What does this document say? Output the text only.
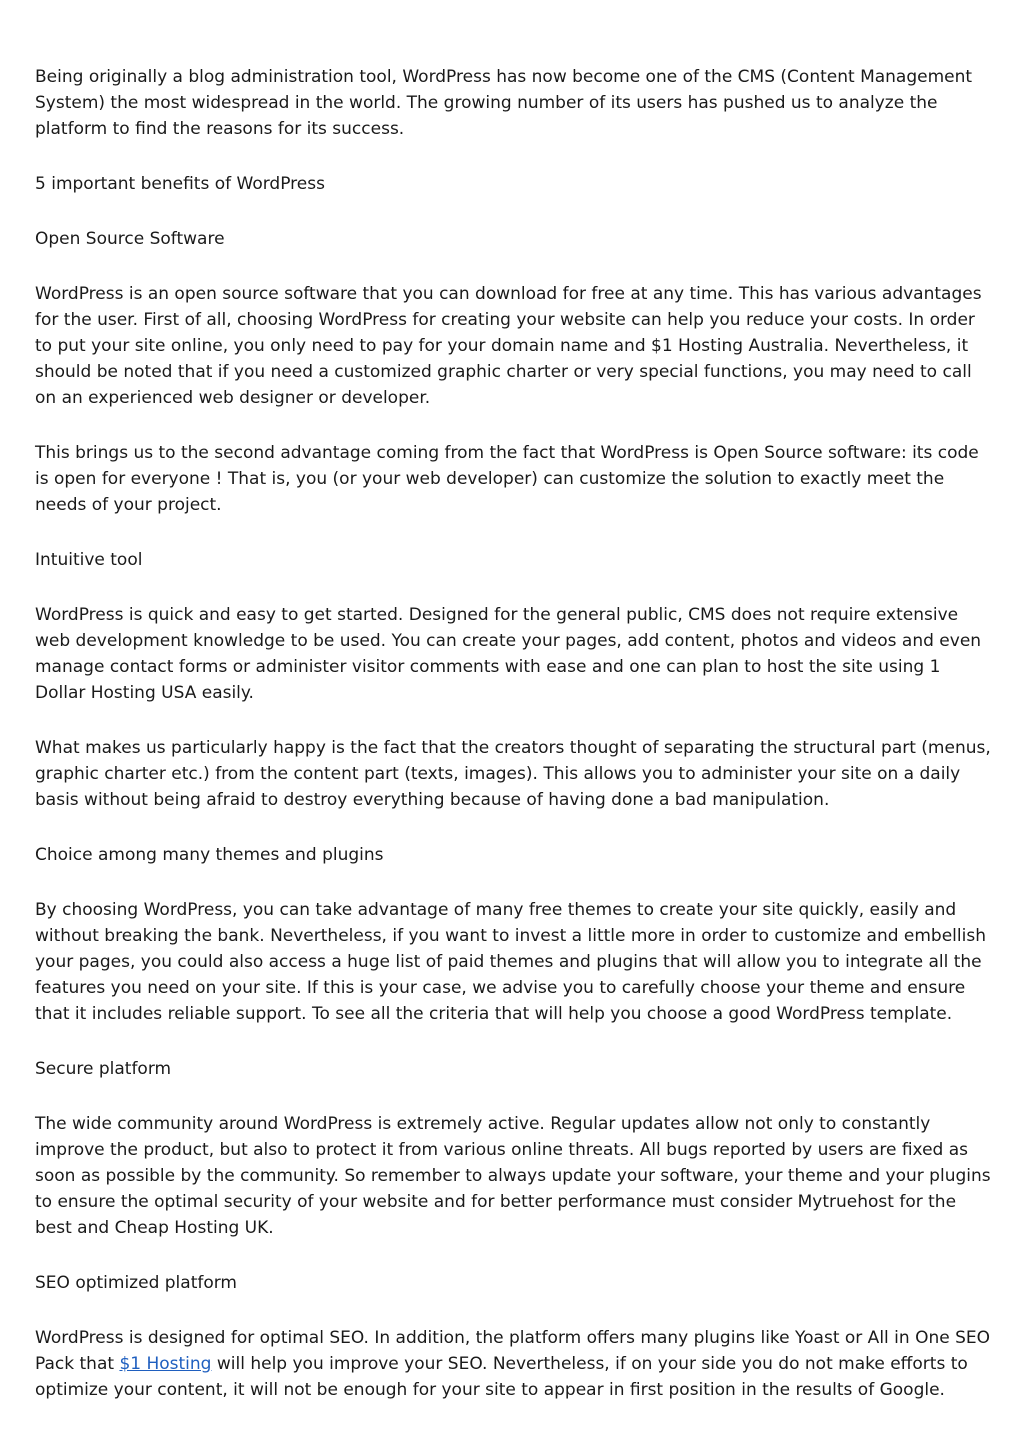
Being originally a blog administration tool, WordPress has now become one of the CMS (Content Management System) the most widespread in the world. The growing number of its users has pushed us to analyze the platform to find the reasons for its success.

5 important benefits of WordPress

Open Source Software

WordPress is an open source software that you can download for free at any time. This has various advantages for the user. First of all, choosing WordPress for creating your website can help you reduce your costs. In order to put your site online, you only need to pay for your domain name and $1 Hosting Australia. Nevertheless, it should be noted that if you need a customized graphic charter or very special functions, you may need to call on an experienced web designer or developer.

This brings us to the second advantage coming from the fact that WordPress is Open Source software: its code is open for everyone ! That is, you (or your web developer) can customize the solution to exactly meet the needs of your project.

Intuitive tool

WordPress is quick and easy to get started. Designed for the general public, CMS does not require extensive web development knowledge to be used. You can create your pages, add content, photos and videos and even manage contact forms or administer visitor comments with ease and one can plan to host the site using 1 Dollar Hosting USA easily.

What makes us particularly happy is the fact that the creators thought of separating the structural part (menus, graphic charter etc.) from the content part (texts, images). This allows you to administer your site on a daily basis without being afraid to destroy everything because of having done a bad manipulation.

Choice among many themes and plugins

By choosing WordPress, you can take advantage of many free themes to create your site quickly, easily and without breaking the bank. Nevertheless, if you want to invest a little more in order to customize and embellish your pages, you could also access a huge list of paid themes and plugins that will allow you to integrate all the features you need on your site. If this is your case, we advise you to carefully choose your theme and ensure that it includes reliable support. To see all the criteria that will help you choose a good WordPress template.

Secure platform

The wide community around WordPress is extremely active. Regular updates allow not only to constantly improve the product, but also to protect it from various online threats. All bugs reported by users are fixed as soon as possible by the community. So remember to always update your software, your theme and your plugins to ensure the optimal security of your website and for better performance must consider Mytruehost for the best and Cheap Hosting UK.

SEO optimized platform

WordPress is designed for optimal SEO. In addition, the platform offers many plugins like Yoast or All in One SEO Pack that $1 Hosting will help you improve your SEO. Nevertheless, if on your side you do not make efforts to optimize your content, it will not be enough for your site to appear in first position in the results of Google.
